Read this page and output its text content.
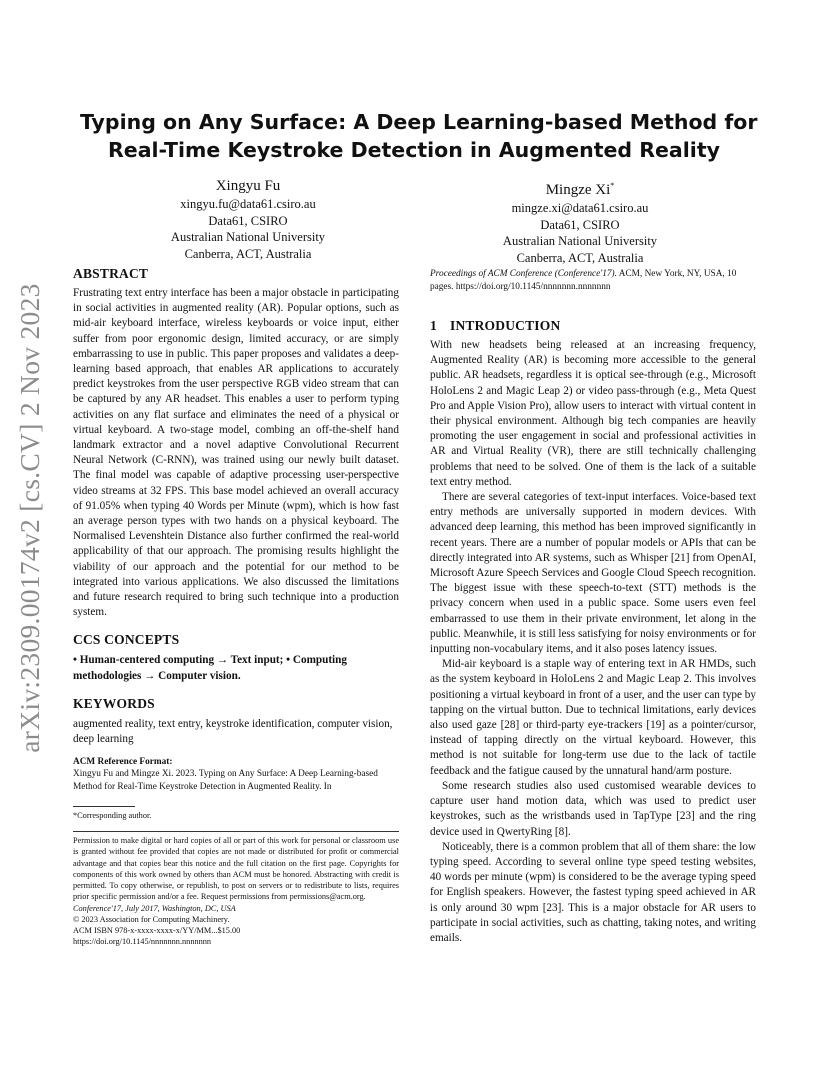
arXiv:2309.00174v2 [cs.CV] 2 Nov 2023
Typing on Any Surface: A Deep Learning-based Method for
Real-Time Keystroke Detection in Augmented Reality
Xingyu Fu
xingyu.fu@data61.csiro.au
Data61, CSIRO
Australian National University
Canberra, ACT, Australia
Mingze Xi*
mingze.xi@data61.csiro.au
Data61, CSIRO
Australian National University
Canberra, ACT, Australia
ABSTRACT

Frustrating text entry interface has been a major obstacle in participating in social activities in augmented reality (AR). Popular options, such as mid-air keyboard interface, wireless keyboards or voice input, either suffer from poor ergonomic design, limited accuracy, or are simply embarrassing to use in public. This paper proposes and validates a deep-learning based approach, that enables AR applications to accurately predict keystrokes from the user perspective RGB video stream that can be captured by any AR headset. This enables a user to perform typing activities on any flat surface and eliminates the need of a physical or virtual keyboard. A two-stage model, combing an off-the-shelf hand landmark extractor and a novel adaptive Convolutional Recurrent Neural Network (C-RNN), was trained using our newly built dataset. The final model was capable of adaptive processing user-perspective video streams at 32 FPS. This base model achieved an overall accuracy of 91.05% when typing 40 Words per Minute (wpm), which is how fast an average person types with two hands on a physical keyboard. The Normalised Levenshtein Distance also further confirmed the real-world applicability of that our approach. The promising results highlight the viability of our approach and the potential for our method to be integrated into various applications. We also discussed the limitations and future research required to bring such technique into a production system.

CCS CONCEPTS

• Human-centered computing → Text input; • Computing methodologies → Computer vision.

KEYWORDS

augmented reality, text entry, keystroke identification, computer vision, deep learning

ACM Reference Format:

Xingyu Fu and Mingze Xi. 2023. Typing on Any Surface: A Deep Learning-based Method for Real-Time Keystroke Detection in Augmented Reality. In

*Corresponding author.

Permission to make digital or hard copies of all or part of this work for personal or classroom use is granted without fee provided that copies are not made or distributed for profit or commercial advantage and that copies bear this notice and the full citation on the first page. Copyrights for components of this work owned by others than ACM must be honored. Abstracting with credit is permitted. To copy otherwise, or republish, to post on servers or to redistribute to lists, requires prior specific permission and/or a fee. Request permissions from permissions@acm.org.

Conference'17, July 2017, Washington, DC, USA
© 2023 Association for Computing Machinery.
ACM ISBN 978-x-xxxx-xxxx-x/YY/MM...$15.00
https://doi.org/10.1145/nnnnnnn.nnnnnnn

Proceedings of ACM Conference (Conference'17). ACM, New York, NY, USA, 10 pages. https://doi.org/10.1145/nnnnnnn.nnnnnnn

1 INTRODUCTION

With new headsets being released at an increasing frequency, Augmented Reality (AR) is becoming more accessible to the general public. AR headsets, regardless it is optical see-through (e.g., Microsoft HoloLens 2 and Magic Leap 2) or video pass-through (e.g., Meta Quest Pro and Apple Vision Pro), allow users to interact with virtual content in their physical environment. Although big tech companies are heavily promoting the user engagement in social and professional activities in AR and Virtual Reality (VR), there are still technically challenging problems that need to be solved. One of them is the lack of a suitable text entry method.

There are several categories of text-input interfaces. Voice-based text entry methods are universally supported in modern devices. With advanced deep learning, this method has been improved significantly in recent years. There are a number of popular models or APIs that can be directly integrated into AR systems, such as Whisper [21] from OpenAI, Microsoft Azure Speech Services and Google Cloud Speech recognition. The biggest issue with these speech-to-text (STT) methods is the privacy concern when used in a public space. Some users even feel embarrassed to use them in their private environment, let along in the public. Meanwhile, it is still less satisfying for noisy environments or for inputting non-vocabulary items, and it also poses latency issues.

Mid-air keyboard is a staple way of entering text in AR HMDs, such as the system keyboard in HoloLens 2 and Magic Leap 2. This involves positioning a virtual keyboard in front of a user, and the user can type by tapping on the virtual button. Due to technical limitations, early devices also used gaze [28] or third-party eye-trackers [19] as a pointer/cursor, instead of tapping directly on the virtual keyboard. However, this method is not suitable for long-term use due to the lack of tactile feedback and the fatigue caused by the unnatural hand/arm posture.

Some research studies also used customised wearable devices to capture user hand motion data, which was used to predict user keystrokes, such as the wristbands used in TapType [23] and the ring device used in QwertyRing [8].

Noticeably, there is a common problem that all of them share: the low typing speed. According to several online type speed testing websites, 40 words per minute (wpm) is considered to be the average typing speed for English speakers. However, the fastest typing speed achieved in AR is only around 30 wpm [23]. This is a major obstacle for AR users to participate in social activities, such as chatting, taking notes, and writing emails.
